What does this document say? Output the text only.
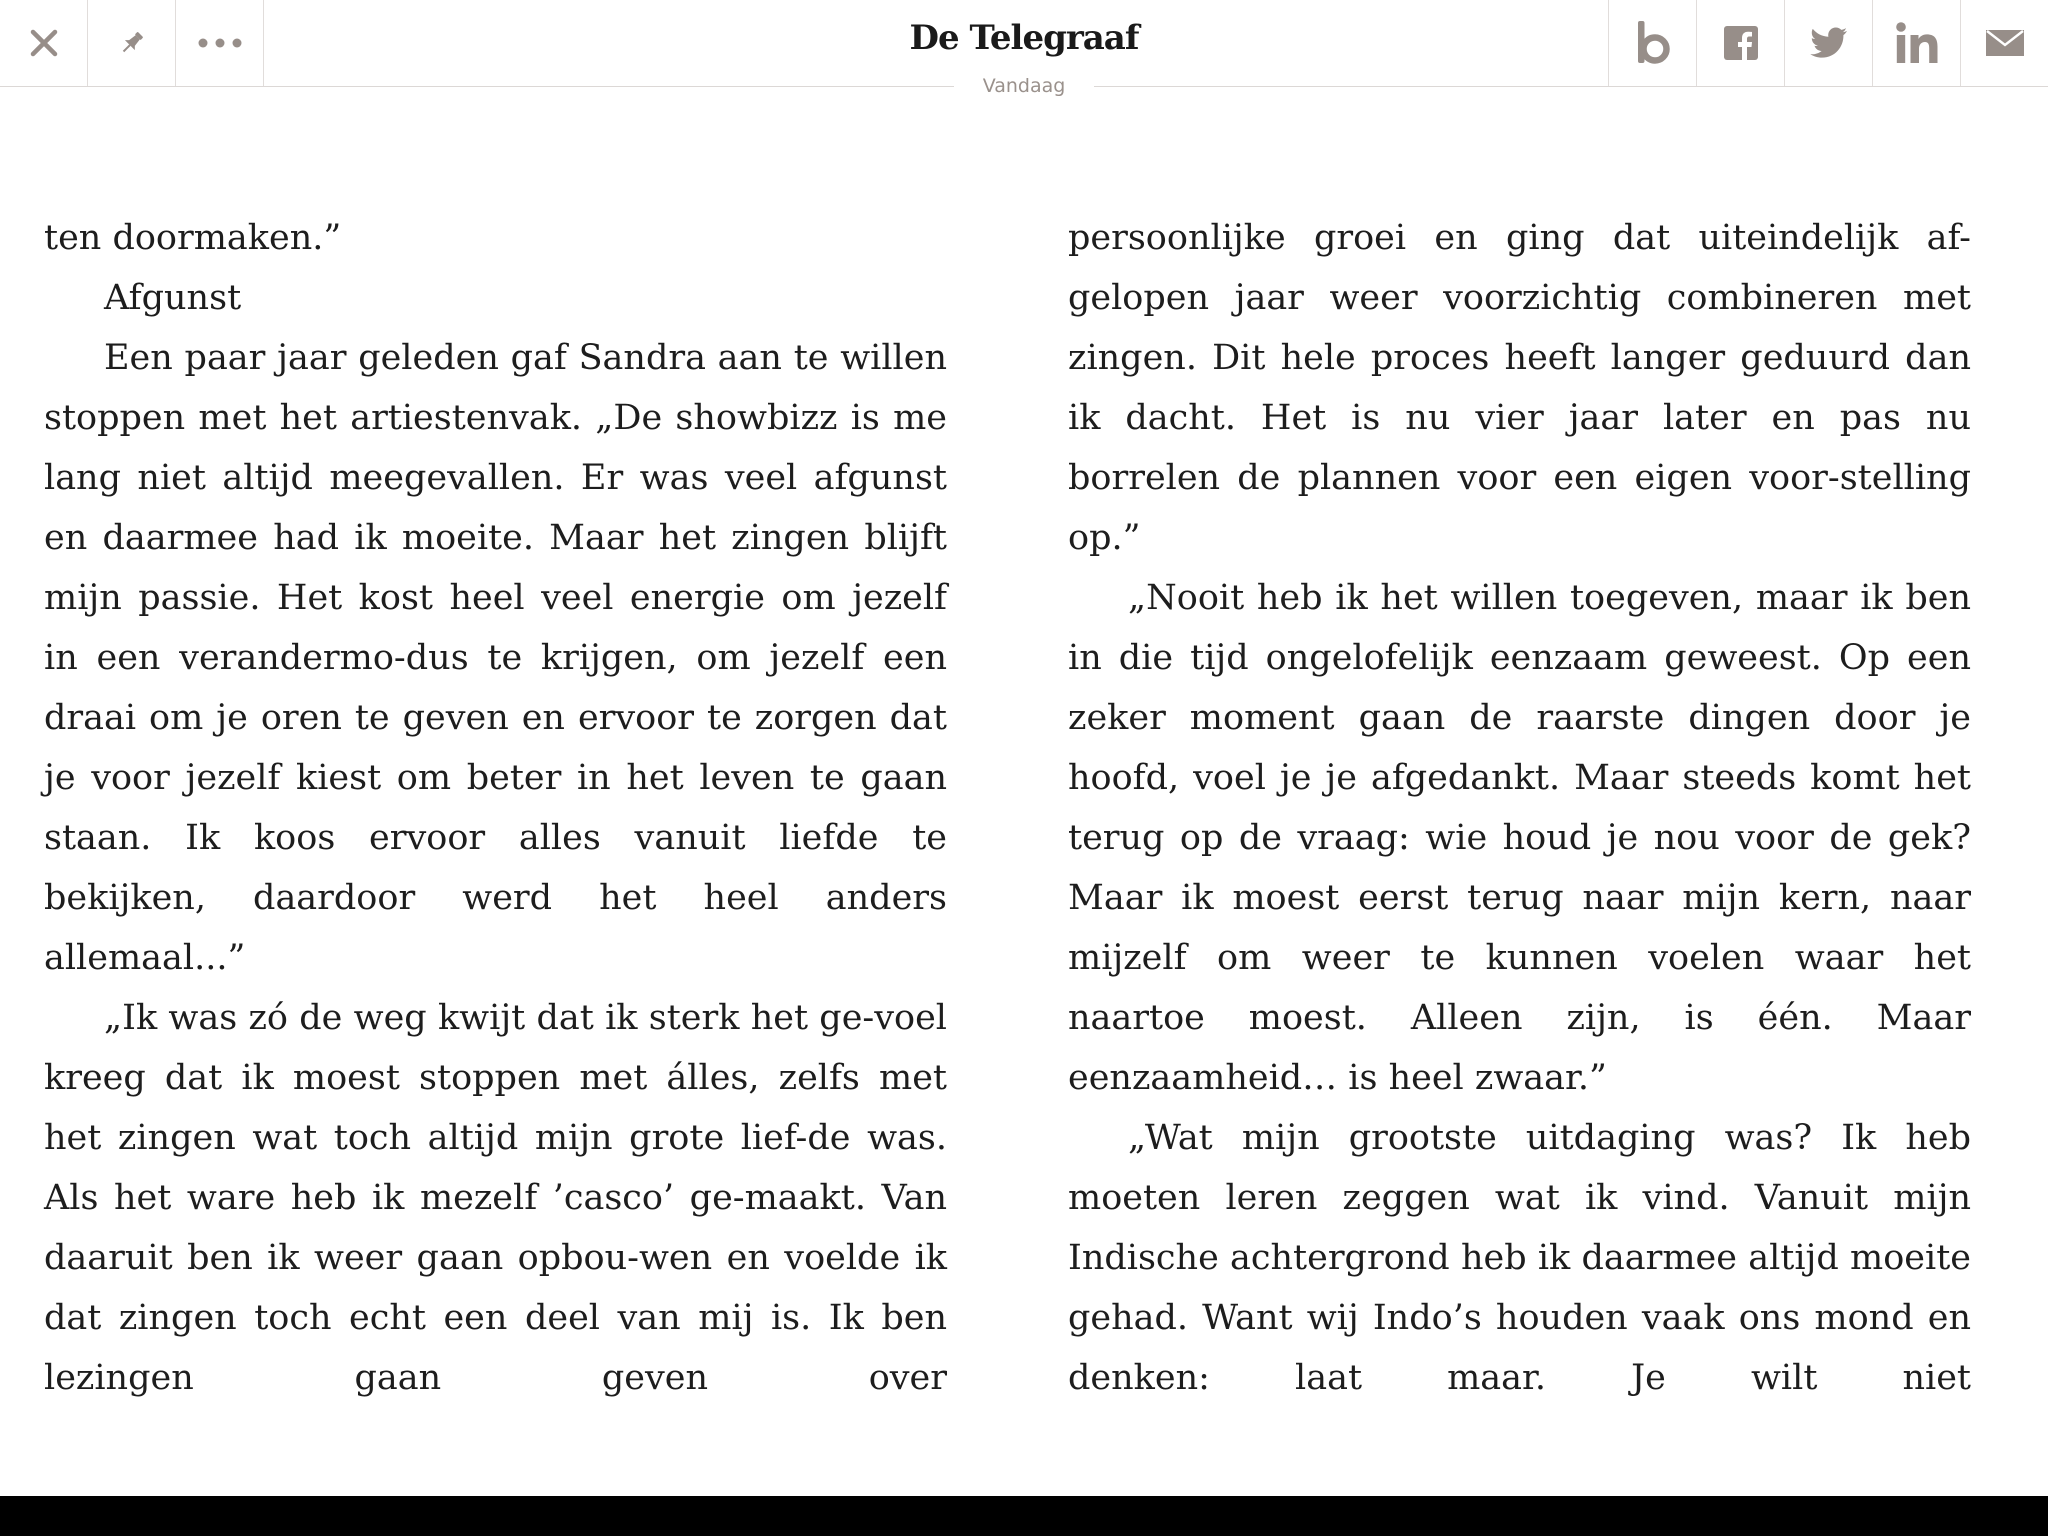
De Telegraaf
Vandaag

ten doormaken.”

Afgunst

Een paar jaar geleden gaf Sandra aan te willen stoppen met het artiestenvak. „De showbizz is me lang niet altijd meegevallen. Er was veel afgunst en daarmee had ik moeite. Maar het zingen blijft mijn passie. Het kost heel veel energie om jezelf in een verandermo-dus te krijgen, om jezelf een draai om je oren te geven en ervoor te zorgen dat je voor jezelf kiest om beter in het leven te gaan staan. Ik koos ervoor alles vanuit liefde te bekijken, daardoor werd het heel anders allemaal...”

„Ik was zó de weg kwijt dat ik sterk het ge-voel kreeg dat ik moest stoppen met álles, zelfs met het zingen wat toch altijd mijn grote lief-de was. Als het ware heb ik mezelf ’casco’ ge-maakt. Van daaruit ben ik weer gaan opbou-wen en voelde ik dat zingen toch echt een deel van mij is. Ik ben lezingen gaan geven over

persoonlijke groei en ging dat uiteindelijk af-gelopen jaar weer voorzichtig combineren met zingen. Dit hele proces heeft langer geduurd dan ik dacht. Het is nu vier jaar later en pas nu borrelen de plannen voor een eigen voor-stelling op.”

„Nooit heb ik het willen toegeven, maar ik ben in die tijd ongelofelijk eenzaam geweest. Op een zeker moment gaan de raarste dingen door je hoofd, voel je je afgedankt. Maar steeds komt het terug op de vraag: wie houd je nou voor de gek? Maar ik moest eerst terug naar mijn kern, naar mijzelf om weer te kunnen voelen waar het naartoe moest. Alleen zijn, is één. Maar eenzaamheid… is heel zwaar.”

„Wat mijn grootste uitdaging was? Ik heb moeten leren zeggen wat ik vind. Vanuit mijn Indische achtergrond heb ik daarmee altijd moeite gehad. Want wij Indo’s houden vaak ons mond en denken: laat maar. Je wilt niet
